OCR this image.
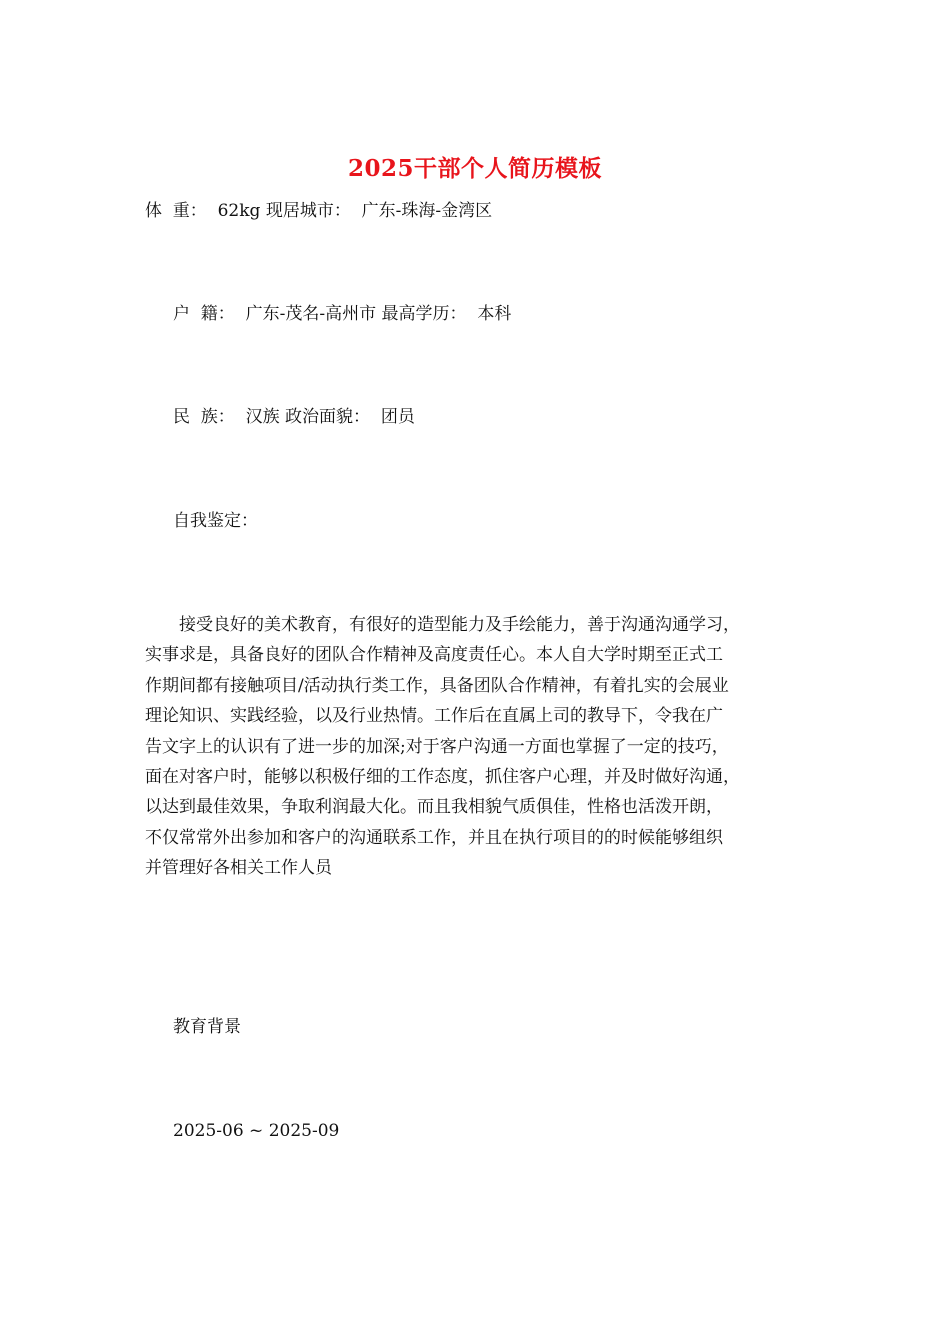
2025干部个人简历模板
体  重：  62kg 现居城市：  广东-珠海-金湾区
户  籍：  广东-茂名-高州市 最高学历：  本科
民  族：  汉族 政治面貌：  团员
自我鉴定：
　　接受良好的美术教育，有很好的造型能力及手绘能力，善于沟通沟通学习，
实事求是，具备良好的团队合作精神及高度责任心。本人自大学时期至正式工
作期间都有接触项目/活动执行类工作，具备团队合作精神，有着扎实的会展业
理论知识、实践经验，以及行业热情。工作后在直属上司的教导下，令我在广
告文字上的认识有了进一步的加深;对于客户沟通一方面也掌握了一定的技巧，
面在对客户时，能够以积极仔细的工作态度，抓住客户心理，并及时做好沟通，
以达到最佳效果，争取利润最大化。而且我相貌气质俱佳，性格也活泼开朗，
不仅常常外出参加和客户的沟通联系工作，并且在执行项目的的时候能够组织
并管理好各相关工作人员
教育背景
2025-06 ~ 2025-09
